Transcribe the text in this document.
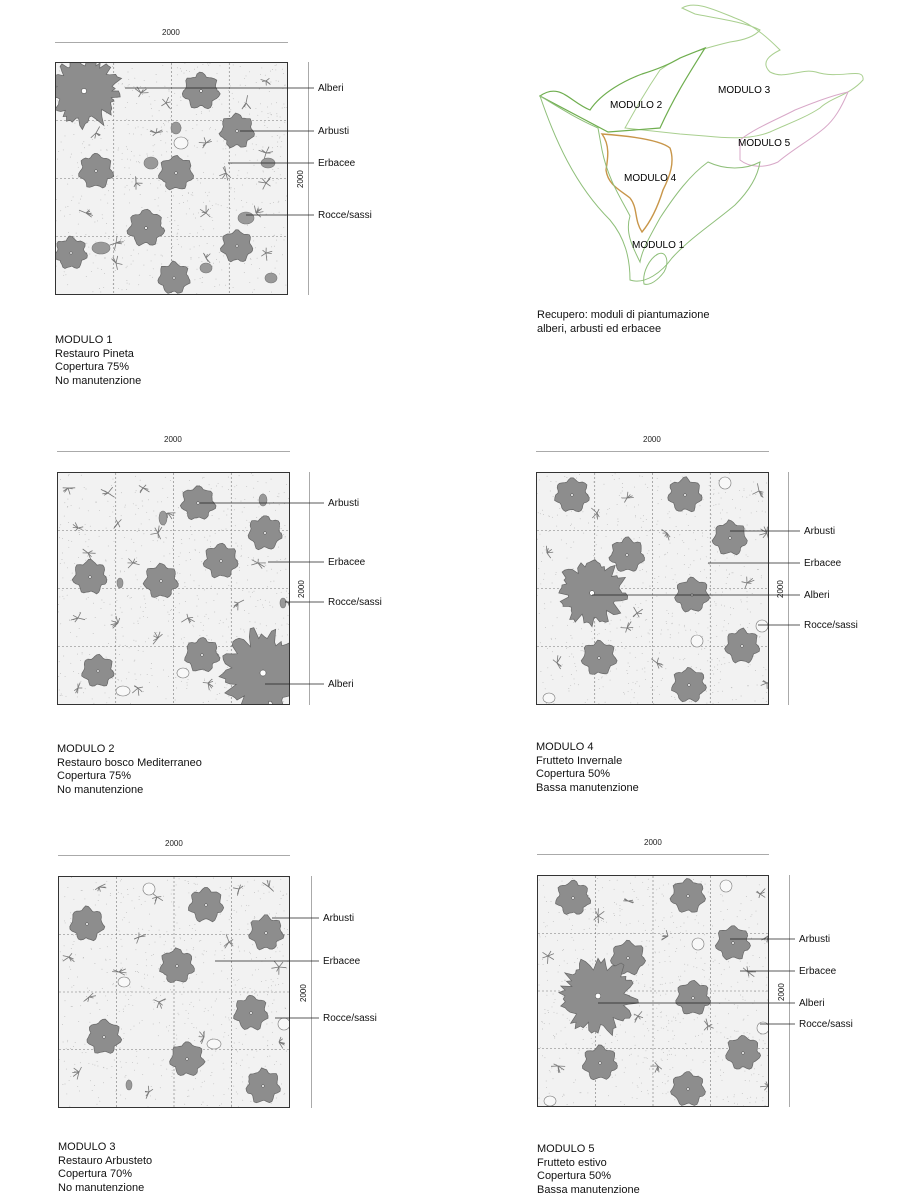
2000
2000
Alberi
Arbusti
Erbacee
Rocce/sassi
MODULO 1
Restauro Pineta
Copertura 75%
No manutenzione
MODULO 3
MODULO 2
MODULO 5
MODULO 4
MODULO 1
Recupero: moduli di piantumazione
alberi, arbusti ed erbacee
2000
2000
Arbusti
Erbacee
Rocce/sassi
Alberi
MODULO 2
Restauro bosco Mediterraneo
Copertura 75%
No manutenzione
2000
2000
Arbusti
Erbacee
Alberi
Rocce/sassi
MODULO 4
Frutteto Invernale
Copertura 50%
Bassa manutenzione
2000
2000
Arbusti
Erbacee
Rocce/sassi
MODULO 3
Restauro Arbusteto
Copertura 70%
No manutenzione
2000
2000
Arbusti
Erbacee
Alberi
Rocce/sassi
MODULO 5
Frutteto estivo
Copertura 50%
Bassa manutenzione
